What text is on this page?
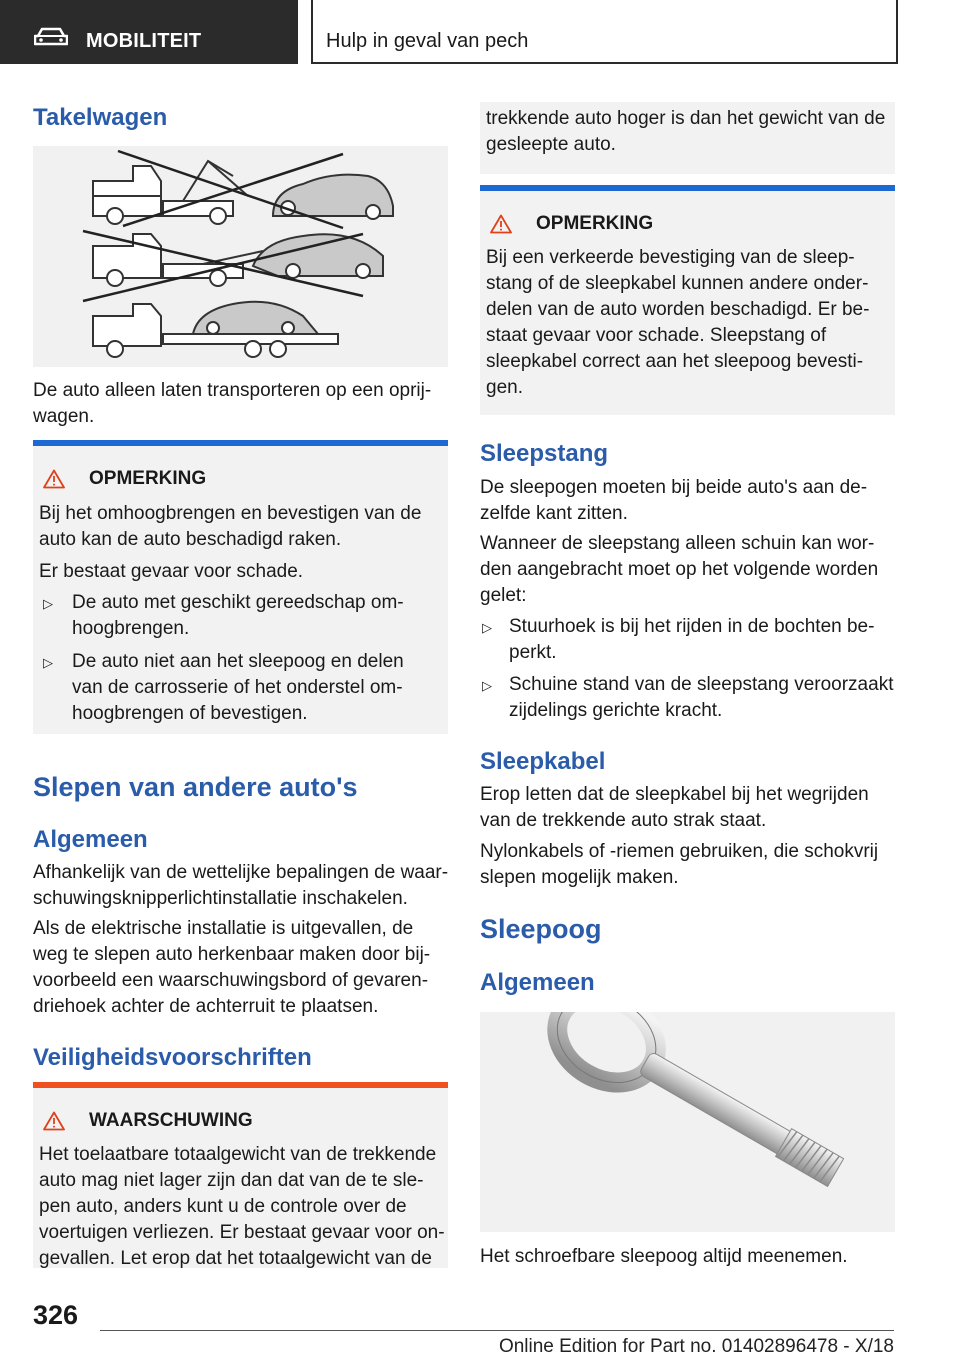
MOBILITEIT	Hulp in geval van pech
Takelwagen

De auto alleen laten transporteren op een oprij-
wagen.

OPMERKING

Bij het omhoogbrengen en bevestigen van de auto kan de auto beschadigd raken.

Er bestaat gevaar voor schade.

▷	De auto met geschikt gereedschap om-
hoogbrengen.

▷	De auto niet aan het sleepoog en delen
van de carrosserie of het onderstel om-
hoogbrengen of bevestigen.

Slepen van andere auto's
Algemeen

Afhankelijk van de wettelijke bepalingen de waar-
schuwingsknipperlichtinstallatie inschakelen.

Als de elektrische installatie is uitgevallen, de
weg te slepen auto herkenbaar maken door bij-
voorbeeld een waarschuwingsbord of gevaren-
driehoek achter de achterruit te plaatsen.

Veiligheidsvoorschriften
WAARSCHUWING

Het toelaatbare totaalgewicht van de trekkende
auto mag niet lager zijn dan dat van de te sle-
pen auto, anders kunt u de controle over de
voertuigen verliezen. Er bestaat gevaar voor on-
gevallen. Let erop dat het totaalgewicht van de

trekkende auto hoger is dan het gewicht van de
gesleepte auto.

OPMERKING

Bij een verkeerde bevestiging van de sleep-
stang of de sleepkabel kunnen andere onder-
delen van de auto worden beschadigd. Er be-
staat gevaar voor schade. Sleepstang of
sleepkabel correct aan het sleepoog bevesti-
gen.

Sleepstang

De sleepogen moeten bij beide auto's aan de-
zelfde kant zitten.

Wanneer de sleepstang alleen schuin kan wor-
den aangebracht moet op het volgende worden
gelet:

▷ Stuurhoek is bij het rijden in de bochten be-
perkt.

▷ Schuine stand van de sleepstang veroorzaakt
zijdelings gerichte kracht.

Sleepkabel

Erop letten dat de sleepkabel bij het wegrijden
van de trekkende auto strak staat.

Nylonkabels of -riemen gebruiken, die schokvrij
slepen mogelijk maken.

Sleepoog
Algemeen

Het schroefbare sleepoog altijd meenemen.

326
Online Edition for Part no. 01402896478 - X/18
